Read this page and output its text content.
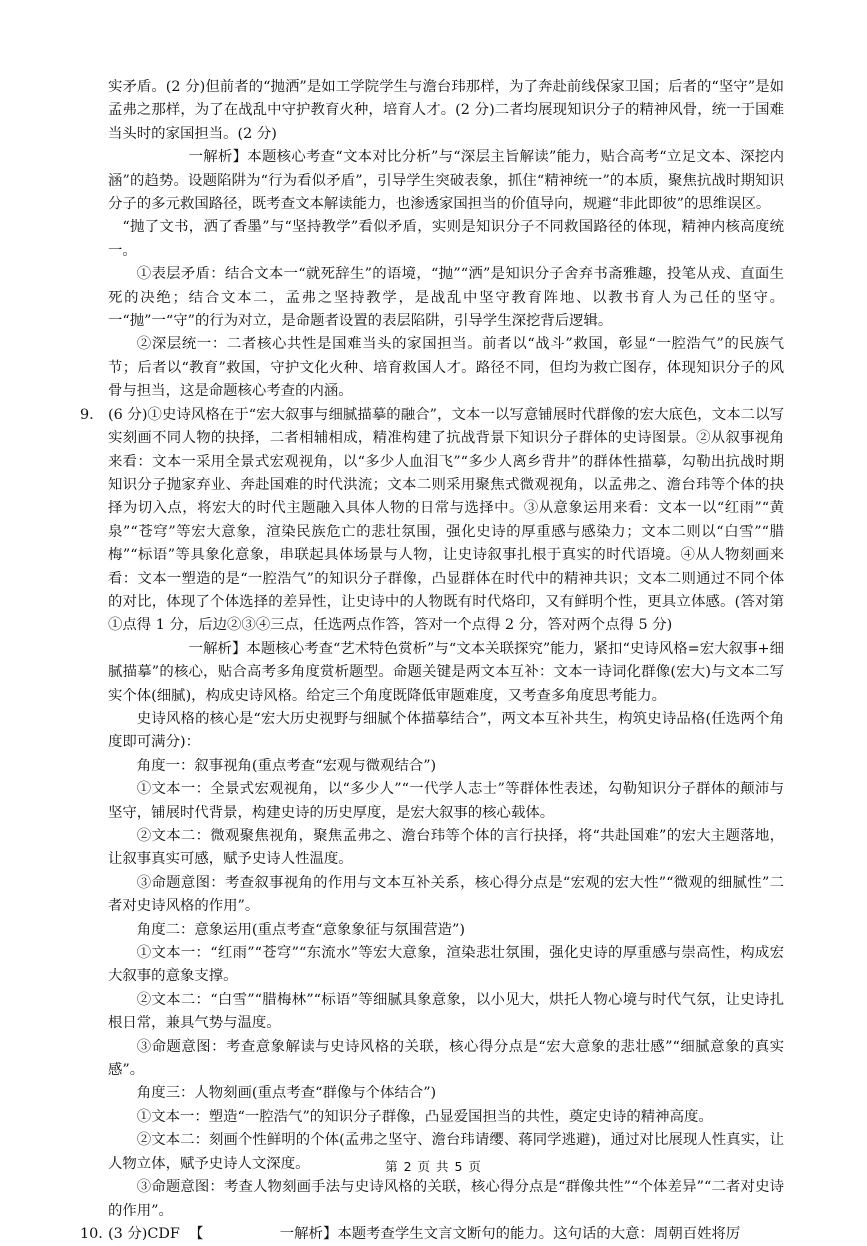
实矛盾。(2 分)但前者的“抛洒”是如工学院学生与澹台玮那样，为了奔赴前线保家卫国；后者的“坚守”是如孟弗之那样，为了在战乱中守护教育火种，培育人才。(2 分)二者均展现知识分子的精神风骨，统一于国难当头时的家国担当。(2 分)

一解析】本题核心考查“文本对比分析”与“深层主旨解读”能力，贴合高考“立足文本、深挖内涵”的趋势。设题陷阱为“行为看似矛盾”，引导学生突破表象，抓住“精神统一”的本质，聚焦抗战时期知识分子的多元救国路径，既考查文本解读能力，也渗透家国担当的价值导向，规避“非此即彼”的思维误区。

“抛了文书，洒了香墨”与“坚持教学”看似矛盾，实则是知识分子不同救国路径的体现，精神内核高度统一。

①表层矛盾：结合文本一“就死辞生”的语境，“抛”“洒”是知识分子舍弃书斋雅趣，投笔从戎、直面生死的决绝；结合文本二，孟弗之坚持教学，是战乱中坚守教育阵地、以教书育人为己任的坚守。一“抛”一“守”的行为对立，是命题者设置的表层陷阱，引导学生深挖背后逻辑。

②深层统一：二者核心共性是国难当头的家国担当。前者以“战斗”救国，彰显“一腔浩气”的民族气节；后者以“教育”救国，守护文化火种、培育救国人才。路径不同，但均为救亡图存，体现知识分子的风骨与担当，这是命题核心考查的内涵。

9. (6 分)①史诗风格在于“宏大叙事与细腻描摹的融合”，文本一以写意铺展时代群像的宏大底色，文本二以写实刻画不同人物的抉择，二者相辅相成，精准构建了抗战背景下知识分子群体的史诗图景。②从叙事视角来看：文本一采用全景式宏观视角，以“多少人血泪飞”“多少人离乡背井”的群体性描摹，勾勒出抗战时期知识分子抛家弃业、奔赴国难的时代洪流；文本二则采用聚焦式微观视角，以孟弗之、澹台玮等个体的抉择为切入点，将宏大的时代主题融入具体人物的日常与选择中。③从意象运用来看：文本一以“红雨”“黄泉”“苍穹”等宏大意象，渲染民族危亡的悲壮氛围，强化史诗的厚重感与感染力；文本二则以“白雪”“腊梅”“标语”等具象化意象，串联起具体场景与人物，让史诗叙事扎根于真实的时代语境。④从人物刻画来看：文本一塑造的是“一腔浩气”的知识分子群像，凸显群体在时代中的精神共识；文本二则通过不同个体的对比，体现了个体选择的差异性，让史诗中的人物既有时代烙印，又有鲜明个性，更具立体感。(答对第①点得 1 分，后边②③④三点，任选两点作答，答对一个点得 2 分，答对两个点得 5 分)

一解析】本题核心考查“艺术特色赏析”与“文本关联探究”能力，紧扣“史诗风格=宏大叙事+细腻描摹”的核心，贴合高考多角度赏析题型。命题关键是两文本互补：文本一诗词化群像(宏大)与文本二写实个体(细腻)，构成史诗风格。给定三个角度既降低审题难度，又考查多角度思考能力。

史诗风格的核心是“宏大历史视野与细腻个体描摹结合”，两文本互补共生，构筑史诗品格(任选两个角度即可满分)：

角度一：叙事视角(重点考查“宏观与微观结合”)

①文本一：全景式宏观视角，以“多少人”“一代学人志士”等群体性表述，勾勒知识分子群体的颠沛与坚守，铺展时代背景，构建史诗的历史厚度，是宏大叙事的核心载体。

②文本二：微观聚焦视角，聚焦孟弗之、澹台玮等个体的言行抉择，将“共赴国难”的宏大主题落地，让叙事真实可感，赋予史诗人性温度。

③命题意图：考查叙事视角的作用与文本互补关系，核心得分点是“宏观的宏大性”“微观的细腻性”二者对史诗风格的作用”。

角度二：意象运用(重点考查“意象象征与氛围营造”)

①文本一：“红雨”“苍穹”“东流水”等宏大意象，渲染悲壮氛围，强化史诗的厚重感与崇高性，构成宏大叙事的意象支撑。

②文本二：“白雪”“腊梅林”“标语”等细腻具象意象，以小见大，烘托人物心境与时代气氛，让史诗扎根日常，兼具气势与温度。

③命题意图：考查意象解读与史诗风格的关联，核心得分点是“宏大意象的悲壮感”“细腻意象的真实感”。

角度三：人物刻画(重点考查“群像与个体结合”)

①文本一：塑造“一腔浩气”的知识分子群像，凸显爱国担当的共性，奠定史诗的精神高度。

②文本二：刻画个性鲜明的个体(孟弗之坚守、澹台玮请缨、蒋同学逃避)，通过对比展现人性真实，让人物立体，赋予史诗人文深度。

③命题意图：考查人物刻画手法与史诗风格的关联，核心得分点是“群像共性”“个体差异”“二者对史诗的作用”。

10. (3 分)CDF 【	一解析】本题考查学生文言文断句的能力。这句话的大意：周朝百姓将厉

第 2 页 共 5 页
